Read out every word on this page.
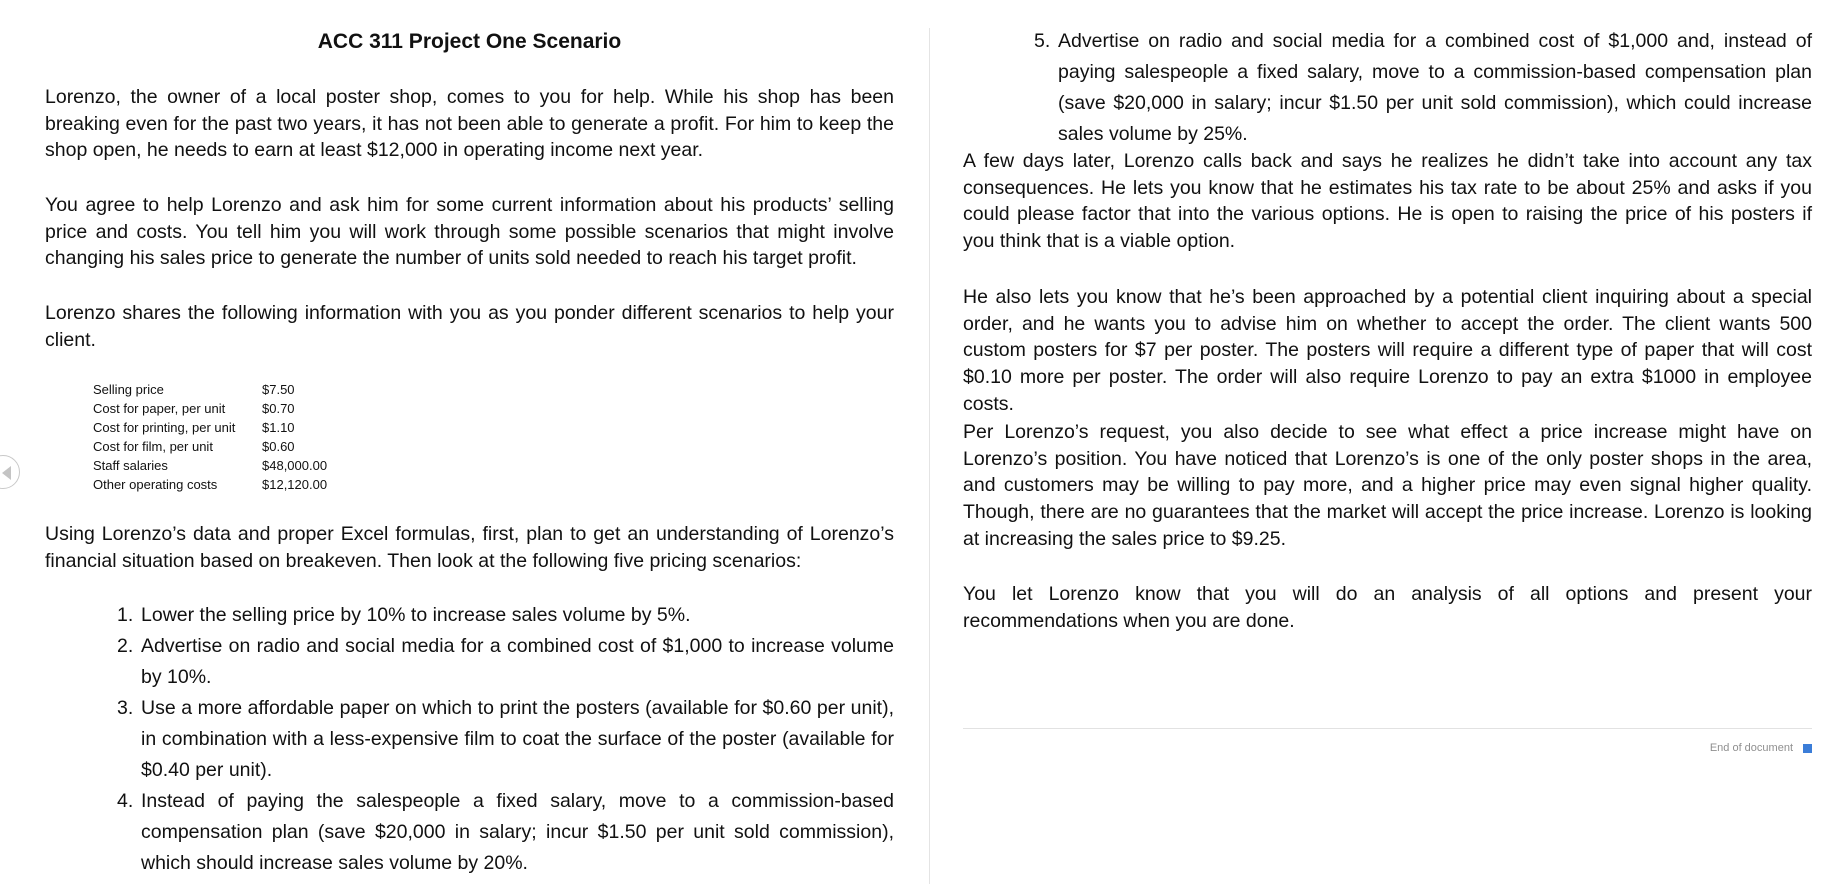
ACC 311 Project One Scenario

Lorenzo, the owner of a local poster shop, comes to you for help. While his shop has been breaking even for the past two years, it has not been able to generate a profit. For him to keep the shop open, he needs to earn at least $12,000 in operating income next year.

You agree to help Lorenzo and ask him for some current information about his products’ selling price and costs. You tell him you will work through some possible scenarios that might involve changing his sales price to generate the number of units sold needed to reach his target profit.

Lorenzo shares the following information with you as you ponder different scenarios to help your client.

Selling price	$7.50
Cost for paper, per unit	$0.70
Cost for printing, per unit	$1.10
Cost for film, per unit	$0.60
Staff salaries	$48,000.00
Other operating costs	$12,120.00

Using Lorenzo’s data and proper Excel formulas, first, plan to get an understanding of Lorenzo’s financial situation based on breakeven. Then look at the following five pricing scenarios:

1. Lower the selling price by 10% to increase sales volume by 5%.
2. Advertise on radio and social media for a combined cost of $1,000 to increase volume by 10%.
3. Use a more affordable paper on which to print the posters (available for $0.60 per unit), in combination with a less-expensive film to coat the surface of the poster (available for $0.40 per unit).
4. Instead of paying the salespeople a fixed salary, move to a commission-based compensation plan (save $20,000 in salary; incur $1.50 per unit sold commission), which should increase sales volume by 20%.
5. Advertise on radio and social media for a combined cost of $1,000 and, instead of paying salespeople a fixed salary, move to a commission-based compensation plan (save $20,000 in salary; incur $1.50 per unit sold commission), which could increase sales volume by 25%.

A few days later, Lorenzo calls back and says he realizes he didn’t take into account any tax consequences. He lets you know that he estimates his tax rate to be about 25% and asks if you could please factor that into the various options. He is open to raising the price of his posters if you think that is a viable option.

He also lets you know that he’s been approached by a potential client inquiring about a special order, and he wants you to advise him on whether to accept the order. The client wants 500 custom posters for $7 per poster. The posters will require a different type of paper that will cost $0.10 more per poster. The order will also require Lorenzo to pay an extra $1000 in employee costs.

Per Lorenzo’s request, you also decide to see what effect a price increase might have on Lorenzo’s position. You have noticed that Lorenzo’s is one of the only poster shops in the area, and customers may be willing to pay more, and a higher price may even signal higher quality. Though, there are no guarantees that the market will accept the price increase. Lorenzo is looking at increasing the sales price to $9.25.

You let Lorenzo know that you will do an analysis of all options and present your recommendations when you are done.

End of document
